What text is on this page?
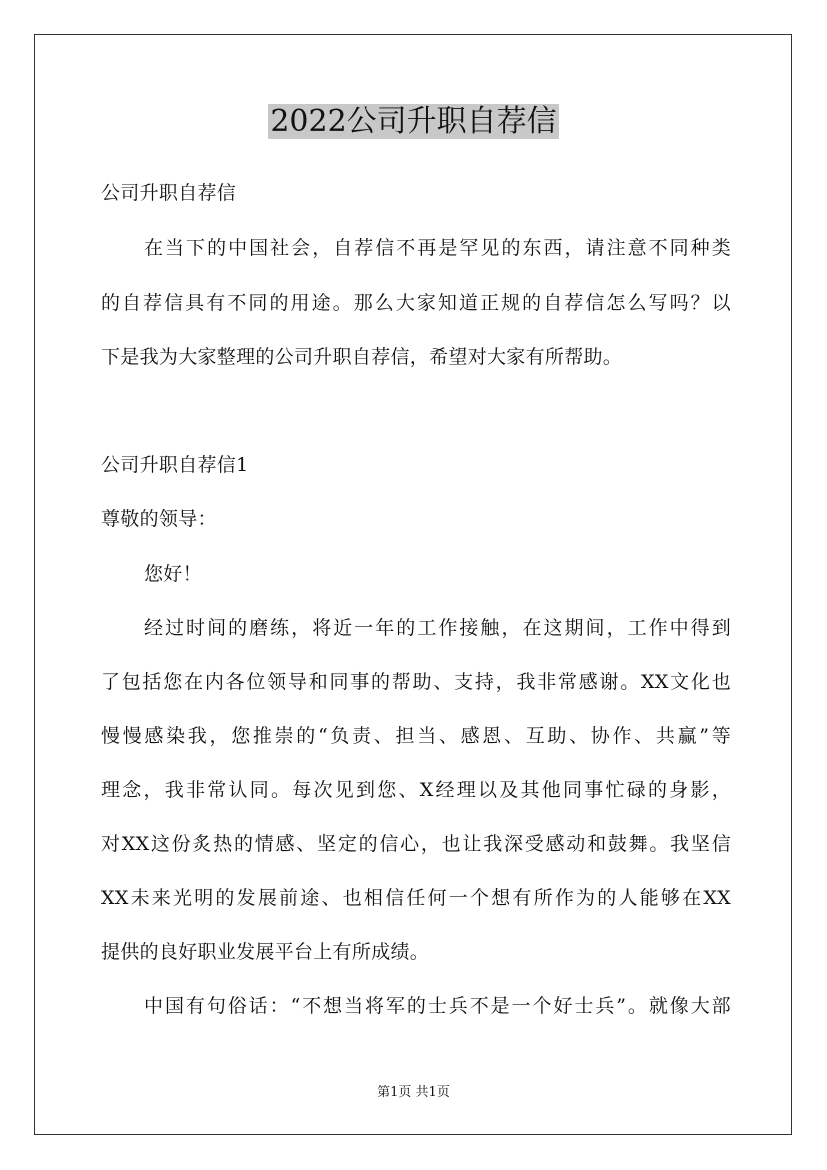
2022公司升职自荐信
公司升职自荐信
在当下的中国社会，自荐信不再是罕见的东西，请注意不同种类
的自荐信具有不同的用途。那么大家知道正规的自荐信怎么写吗？以
下是我为大家整理的公司升职自荐信，希望对大家有所帮助。
公司升职自荐信1
尊敬的领导：
您好！
经过时间的磨练，将近一年的工作接触，在这期间，工作中得到
了包括您在内各位领导和同事的帮助、支持，我非常感谢。XX文化也
慢慢感染我，您推崇的“负责、担当、感恩、互助、协作、共赢”等
理念，我非常认同。每次见到您、X经理以及其他同事忙碌的身影，
对XX这份炙热的情感、坚定的信心，也让我深受感动和鼓舞。我坚信
XX未来光明的发展前途、也相信任何一个想有所作为的人能够在XX
提供的良好职业发展平台上有所成绩。
中国有句俗话：“不想当将军的士兵不是一个好士兵”。就像大部
第1页 共1页
